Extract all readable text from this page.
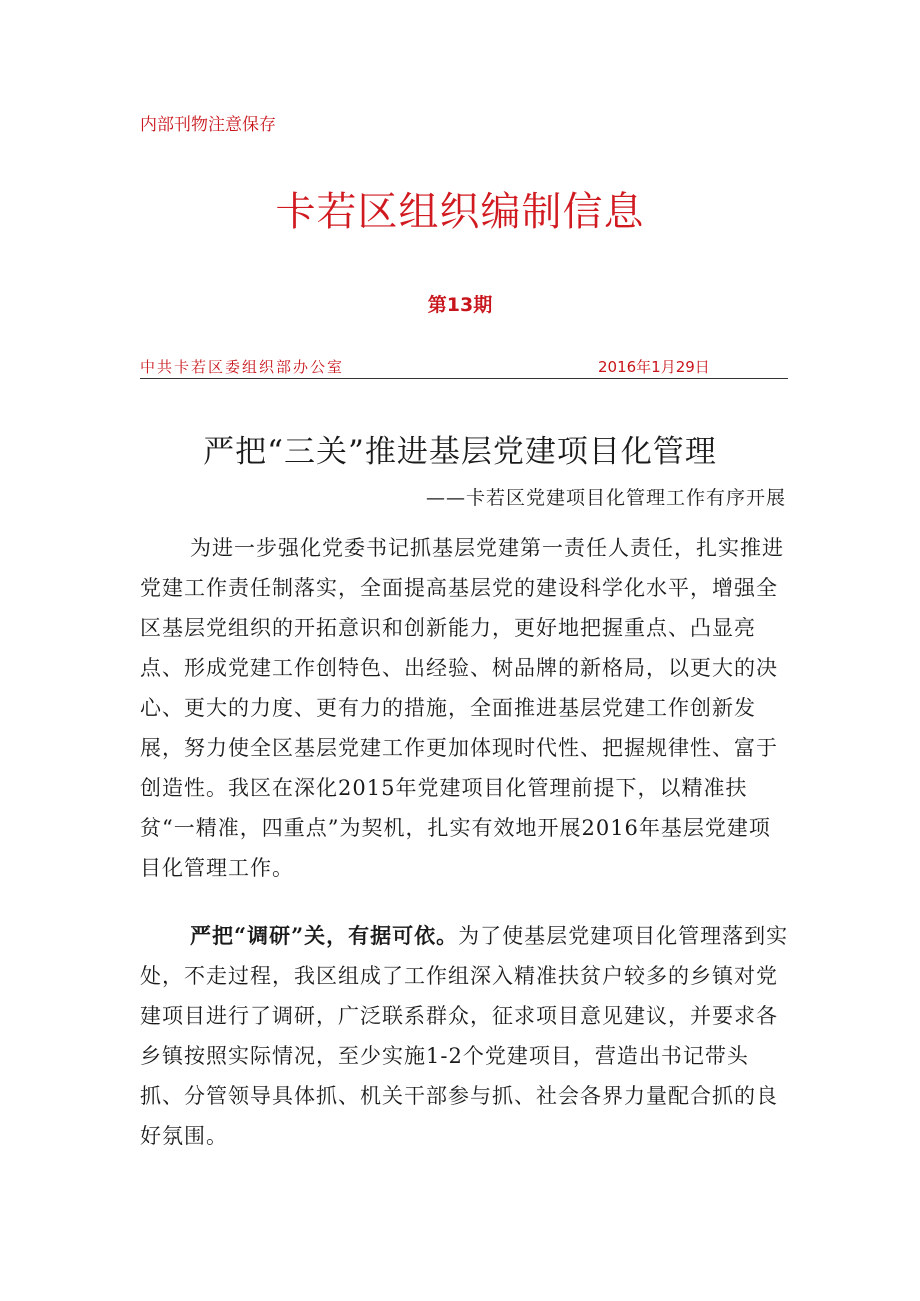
内部刊物注意保存
卡若区组织编制信息
第13期
中共卡若区委组织部办公室	2016年1月29日
严把“三关”推进基层党建项目化管理
——卡若区党建项目化管理工作有序开展
为进一步强化党委书记抓基层党建第一责任人责任，扎实推进党建工作责任制落实，全面提高基层党的建设科学化水平，增强全区基层党组织的开拓意识和创新能力，更好地把握重点、凸显亮点、形成党建工作创特色、出经验、树品牌的新格局，以更大的决心、更大的力度、更有力的措施，全面推进基层党建工作创新发展，努力使全区基层党建工作更加体现时代性、把握规律性、富于创造性。我区在深化2015年党建项目化管理前提下，以精准扶贫“一精准，四重点”为契机，扎实有效地开展2016年基层党建项目化管理工作。
严把“调研”关，有据可依。为了使基层党建项目化管理落到实处，不走过程，我区组成了工作组深入精准扶贫户较多的乡镇对党建项目进行了调研，广泛联系群众，征求项目意见建议，并要求各乡镇按照实际情况，至少实施1-2个党建项目，营造出书记带头抓、分管领导具体抓、机关干部参与抓、社会各界力量配合抓的良好氛围。
